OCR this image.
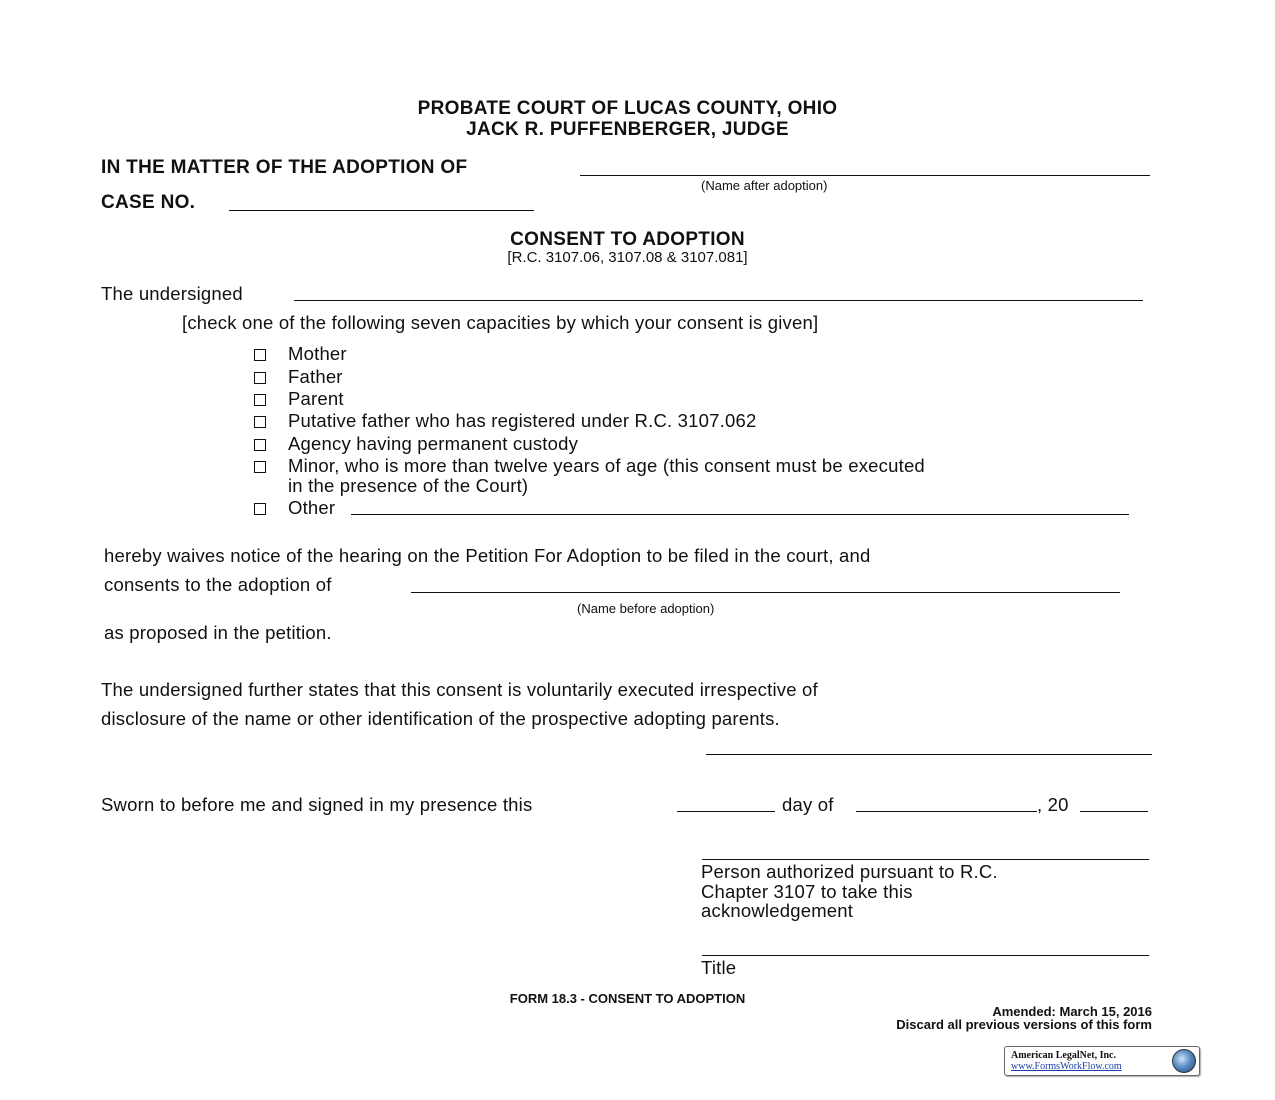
PROBATE COURT OF LUCAS COUNTY, OHIO
JACK R. PUFFENBERGER, JUDGE
IN THE MATTER OF THE ADOPTION OF
(Name after adoption)
CASE NO.
CONSENT TO ADOPTION
[R.C. 3107.06, 3107.08 & 3107.081]
The undersigned
[check one of the following seven capacities by which your consent is given]
Mother
Father
Parent
Putative father who has registered under R.C. 3107.062
Agency having permanent custody
Minor, who is more than twelve years of age (this consent must be executed
in the presence of the Court)
Other
hereby waives notice of the hearing on the Petition For Adoption to be filed in the court, and
consents to the adoption of
(Name before adoption)
as proposed in the petition.
The undersigned further states that this consent is voluntarily executed irrespective of
disclosure of the name or other identification of the prospective adopting parents.
Sworn to before me and signed in my presence this	day of	, 20
Person authorized pursuant to R.C.
Chapter 3107 to take this
acknowledgement
Title
FORM 18.3 - CONSENT TO ADOPTION
Amended: March 15, 2016
Discard all previous versions of this form
American LegalNet, Inc.
www.FormsWorkFlow.com
